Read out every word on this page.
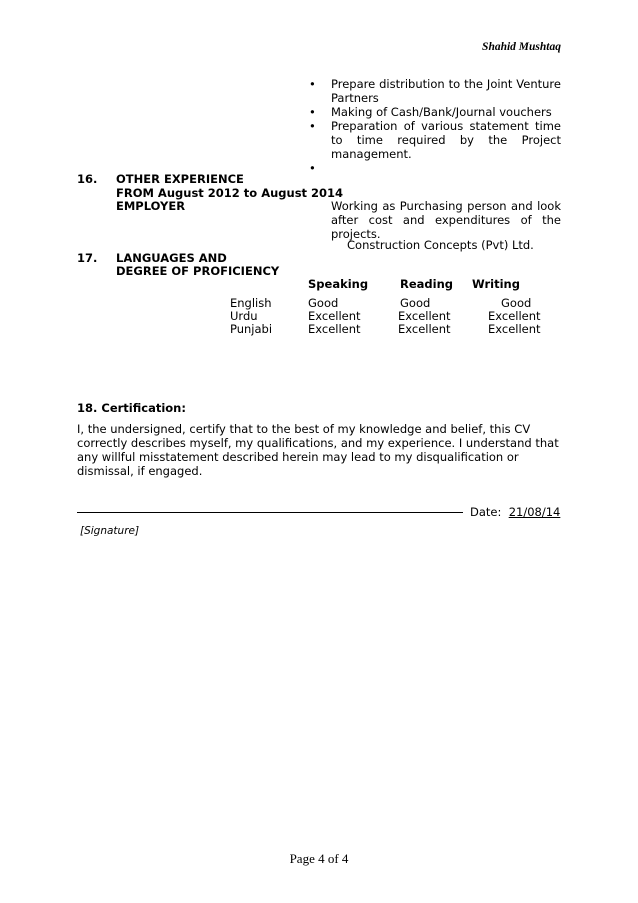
Shahid Mushtaq
• Prepare distribution to the Joint Venture Partners
• Making of Cash/Bank/Journal vouchers
• Preparation of various statement time to time required by the Project management.
•
16. OTHER EXPERIENCE
FROM August 2012 to August 2014
EMPLOYER	Working as Purchasing person and look after cost and expenditures of the projects.
Construction Concepts (Pvt) Ltd.
17. LANGUAGES AND
DEGREE OF PROFICIENCY
Speaking	Reading Writing
English	Good	Good	Good
Urdu	Excellent	Excellent	Excellent
Punjabi	Excellent	Excellent	Excellent
18. Certification:
I, the undersigned, certify that to the best of my knowledge and belief, this CV correctly describes myself, my qualifications, and my experience. I understand that any willful misstatement described herein may lead to my disqualification or dismissal, if engaged.
Date: 21/08/14
[Signature]
Page 4 of 4
